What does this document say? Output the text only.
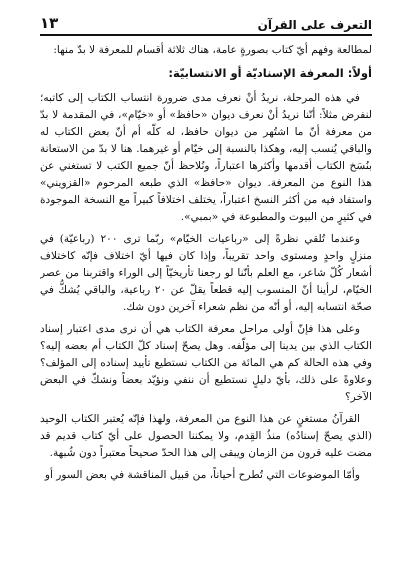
التعرف على القرآن
١٣

لمطالعة وفهم أيّ كتاب بصورةٍ عامة، هناك ثلاثة أقسام للمعرفة لا بدّ منها:

أولاً: المعرفة الإسناديّة أو الانتسابيّة:

في هذه المرحلة، نريدُ أنْ نعرف مدى ضرورة انتساب الكتاب إلى كاتبه؛ لنفرض مثلاً: أنّنا نريدُ أنْ نعرف ديوان «حافظ» أو «خيّام»، في المقدمة لا بدّ من معرفة أنّ ما اشتُهر من ديوان حافظ، له كلّه أم أنّ بعض الكتاب له والباقي يُنسب إليه، وهكذا بالنسبة إلى خيّام أو غيرهما. هنا لا بدّ من الاستعانة بنُسَخ الكتاب أقدمها وأكثرها اعتباراً، ونُلاحظ أنّ جميع الكتب لا تستغني عن هذا النوع من المعرفة. ديوان «حافظ» الذي طبعه المرحوم «القزويني» واستفاد فيه من أكثر النسخ اعتباراً، يختلف اختلافاً كبيراً مع النسخة الموجودة في كثيرٍ من البيوت والمطبوعة في «بمبي».

وعندما تُلقي نظرةً إلى «رباعيات الخيّام» ربّما ترى ٢٠٠ (رباعيّة) في منزلٍ واحدٍ ومستوى واحد تقريباً، وإذا كان فيها أيّ اختلاف فإنّه كاختلاف أشعار كُلّ شاعر، مع العلم بأنّنا لو رجعنا تأريخيّاً إلى الوراء واقتربنا من عصر الخيّام، لرأينا أنّ المنسوب إليه قطعاً يقلّ عن ٢٠ رباعية، والباقي يُشكُّ في صحّة انتسابه إليه، أو أنّه من نظم شعراء آخرين دون شك.

وعلى هذا فإنّ أولى مراحل معرفة الكتاب هي أن نرى مدى اعتبار إسناد الكتاب الذي بين يدينا إلى مؤلّفه. وهل يصحّ إسناد كلّ الكتاب أم بعضه إليه؟ وفي هذه الحالة كم هي المائة من الكتاب نستطيع تأييد إسناده إلى المؤلف؟ وعلاوةً على ذلك، بأيّ دليلٍ نستطيع أن ننفي ونؤيّد بعضاً ونشكّ في البعض الآخر؟

القرآنُ مستغنٍ عن هذا النوع من المعرفة، ولهذا فإنّه يُعتبر الكتاب الوحيد (الذي يصحّ إسنادُه) منذُ القِدم، ولا يمكننا الحصول على أيّ كتاب قديم قد مضت عليه قرون من الزمان ويبقى إلى هذا الحدّ صحيحاً معتبراً دون شُبهة.

وأمّا الموضوعات التي تُطرح أحياناً، من قبيل المناقشة في بعض السور أو
